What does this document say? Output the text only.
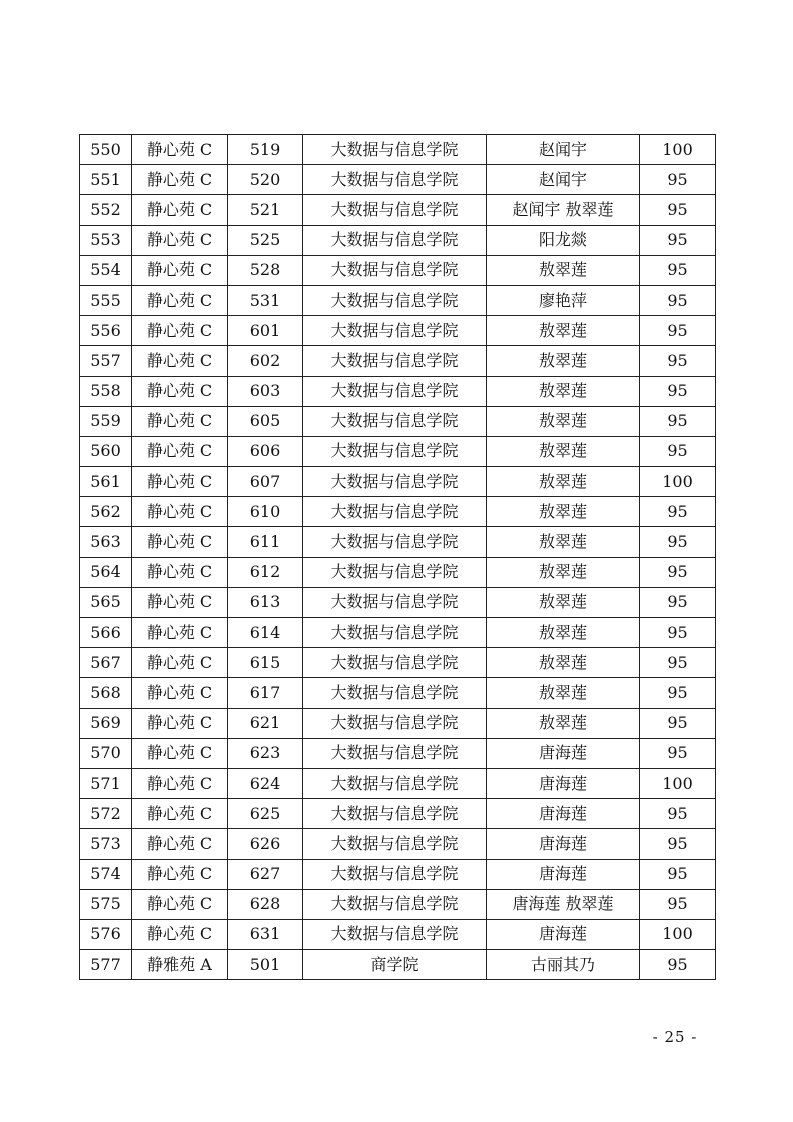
550	静心苑 C	519	大数据与信息学院	赵闻宇	100
551	静心苑 C	520	大数据与信息学院	赵闻宇	95
552	静心苑 C	521	大数据与信息学院	赵闻宇 敖翠莲	95
553	静心苑 C	525	大数据与信息学院	阳龙燚	95
554	静心苑 C	528	大数据与信息学院	敖翠莲	95
555	静心苑 C	531	大数据与信息学院	廖艳萍	95
556	静心苑 C	601	大数据与信息学院	敖翠莲	95
557	静心苑 C	602	大数据与信息学院	敖翠莲	95
558	静心苑 C	603	大数据与信息学院	敖翠莲	95
559	静心苑 C	605	大数据与信息学院	敖翠莲	95
560	静心苑 C	606	大数据与信息学院	敖翠莲	95
561	静心苑 C	607	大数据与信息学院	敖翠莲	100
562	静心苑 C	610	大数据与信息学院	敖翠莲	95
563	静心苑 C	611	大数据与信息学院	敖翠莲	95
564	静心苑 C	612	大数据与信息学院	敖翠莲	95
565	静心苑 C	613	大数据与信息学院	敖翠莲	95
566	静心苑 C	614	大数据与信息学院	敖翠莲	95
567	静心苑 C	615	大数据与信息学院	敖翠莲	95
568	静心苑 C	617	大数据与信息学院	敖翠莲	95
569	静心苑 C	621	大数据与信息学院	敖翠莲	95
570	静心苑 C	623	大数据与信息学院	唐海莲	95
571	静心苑 C	624	大数据与信息学院	唐海莲	100
572	静心苑 C	625	大数据与信息学院	唐海莲	95
573	静心苑 C	626	大数据与信息学院	唐海莲	95
574	静心苑 C	627	大数据与信息学院	唐海莲	95
575	静心苑 C	628	大数据与信息学院	唐海莲 敖翠莲	95
576	静心苑 C	631	大数据与信息学院	唐海莲	100
577	静雅苑 A	501	商学院	古丽其乃	95
- 25 -
